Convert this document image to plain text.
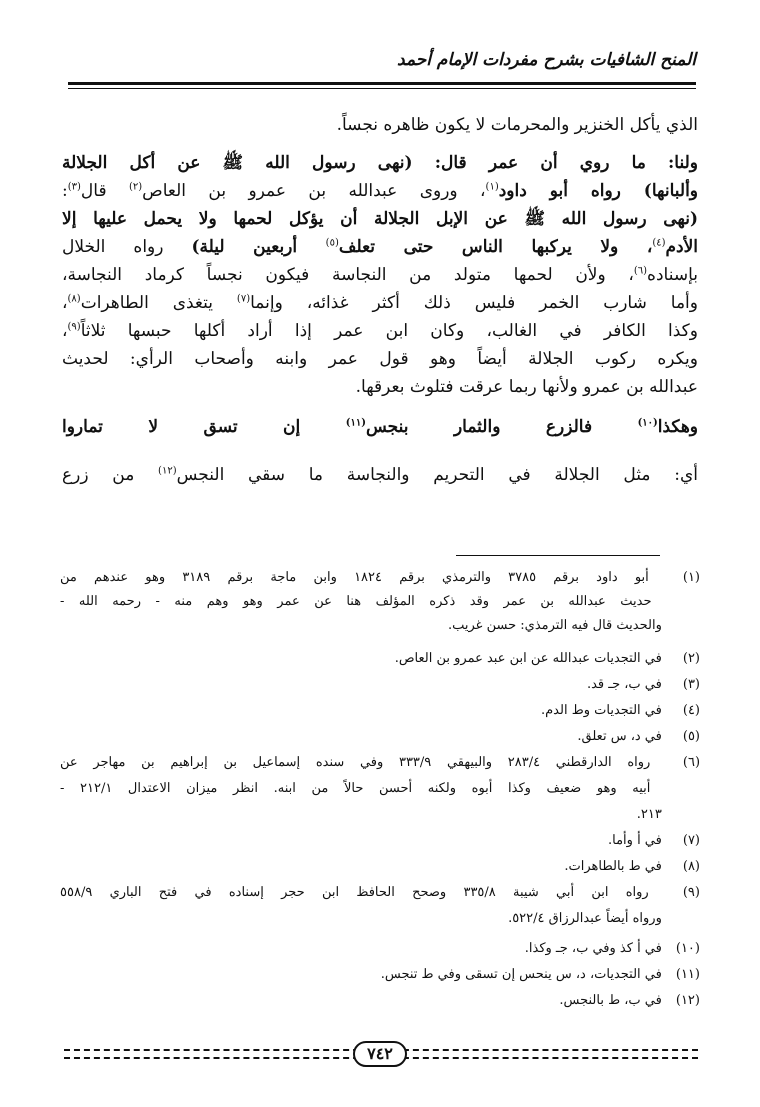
المنح الشافيات بشرح مفردات الإمام أحمد
الذي يأكل الخنزير والمحرمات لا يكون ظاهره نجساً.
ولنا: ما روي أن عمر قال: (نهى رسول الله ﷺ عن أكل الجلالة
وألبانها) رواه أبو داود$^{(١)}$، وروى عبدالله بن عمرو بن العاص$^{(٢)}$ قال$^{(٣)}$:
(نهى رسول الله ﷺ عن الإبل الجلالة أن يؤكل لحمها ولا يحمل عليها إلا
الأدم$^{(٤)}$، ولا يركبها الناس حتى تعلف$^{(٥)}$ أربعين ليلة) رواه الخلال
بإسناده$^{(٦)}$، ولأن لحمها متولد من النجاسة فيكون نجساً كرماد النجاسة،
وأما شارب الخمر فليس ذلك أكثر غذائه، وإنما$^{(٧)}$ يتغذى الطاهرات$^{(٨)}$،
وكذا الكافر في الغالب، وكان ابن عمر إذا أراد أكلها حبسها ثلاثاً$^{(٩)}$،
ويكره ركوب الجلالة أيضاً وهو قول عمر وابنه وأصحاب الرأي: لحديث
عبدالله بن عمرو ولأنها ربما عرقت فتلوث بعرقها.
وهكذا$^{(١٠)}$ فالزرع والثمار بنجس$^{(١١)}$ إن تسق لا تماروا
أي: مثل الجلالة في التحريم والنجاسة ما سقي النجس$^{(١٢)}$ من زرع
(١) أبو داود برقم ٣٧٨٥ والترمذي برقم ١٨٢٤ وابن ماجة برقم ٣١٨٩ وهو عندهم من
حديث عبدالله بن عمر وقد ذكره المؤلف هنا عن عمر وهو وهم منه - رحمه الله -
والحديث قال فيه الترمذي: حسن غريب.
(٢) في التجديات عبدالله عن ابن عبد عمرو بن العاص.
(٣) في ب، جـ قد.
(٤) في التجديات وط الدم.
(٥) في د، س تعلق.
(٦) رواه الدارقطني ٢٨٣/٤ والبيهقي ٣٣٣/٩ وفي سنده إسماعيل بن إبراهيم بن مهاجر عن
أبيه وهو ضعيف وكذا أبوه ولكنه أحسن حالاً من ابنه. انظر ميزان الاعتدال ٢١٢/١ -
٢١٣.
(٧) في أ وأما.
(٨) في ط بالطاهرات.
(٩) رواه ابن أبي شيبة ٣٣٥/٨ وصحح الحافظ ابن حجر إسناده في فتح الباري ٥٥٨/٩
ورواه أيضاً عبدالرزاق ٥٢٢/٤.
(١٠) في أ كذ وفي ب، جـ وكذا.
(١١) في التجديات، د، س ينحس إن تسقى وفي ط تنجس.
(١٢) في ب، ط بالنجس.
٧٤٢
